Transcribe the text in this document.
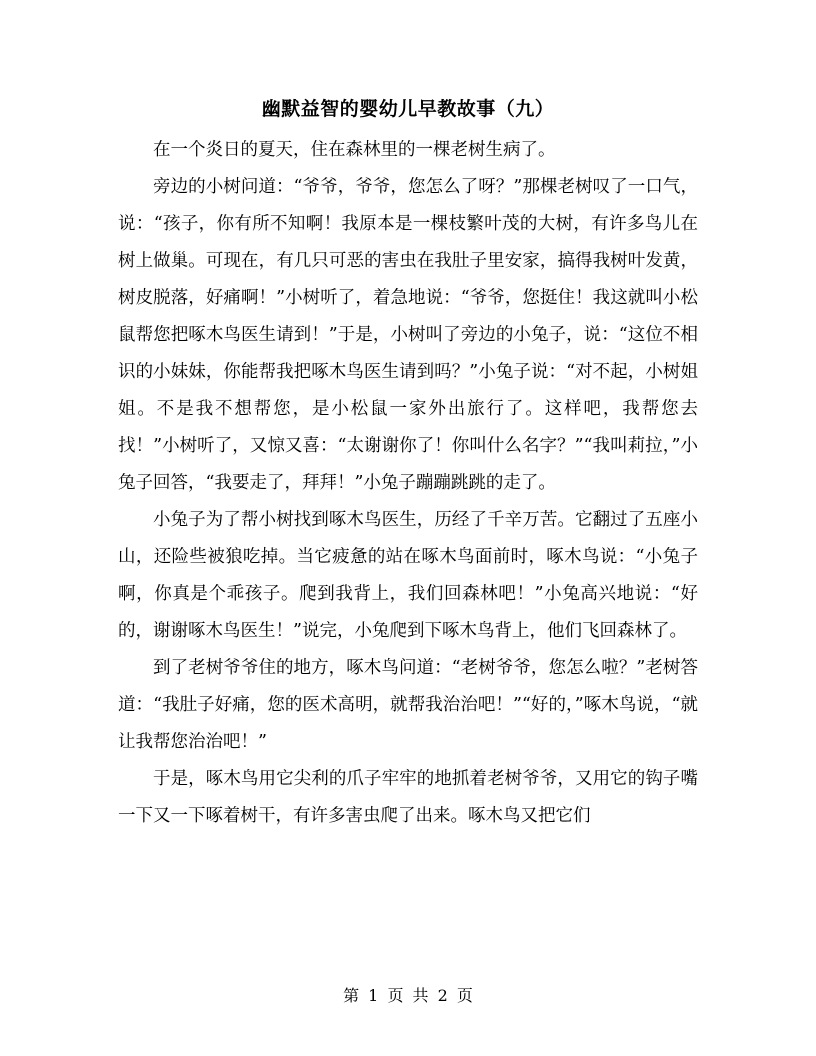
幽默益智的婴幼儿早教故事（九）

在一个炎日的夏天，住在森林里的一棵老树生病了。

旁边的小树问道：“爷爷，爷爷，您怎么了呀？”那棵老树叹了一口气，说：“孩子，你有所不知啊！我原本是一棵枝繁叶茂的大树，有许多鸟儿在树上做巢。可现在，有几只可恶的害虫在我肚子里安家，搞得我树叶发黄，树皮脱落，好痛啊！”小树听了，着急地说：“爷爷，您挺住！我这就叫小松鼠帮您把啄木鸟医生请到！”于是，小树叫了旁边的小兔子，说：“这位不相识的小妹妹，你能帮我把啄木鸟医生请到吗？”小兔子说：“对不起，小树姐姐。不是我不想帮您，是小松鼠一家外出旅行了。这样吧，我帮您去找！”小树听了，又惊又喜：“太谢谢你了！你叫什么名字？”“我叫莉拉，”小兔子回答，“我要走了，拜拜！”小兔子蹦蹦跳跳的走了。

小兔子为了帮小树找到啄木鸟医生，历经了千辛万苦。它翻过了五座小山，还险些被狼吃掉。当它疲惫的站在啄木鸟面前时，啄木鸟说：“小兔子啊，你真是个乖孩子。爬到我背上，我们回森林吧！”小兔高兴地说：“好的，谢谢啄木鸟医生！”说完，小兔爬到下啄木鸟背上，他们飞回森林了。

到了老树爷爷住的地方，啄木鸟问道：“老树爷爷，您怎么啦？”老树答道：“我肚子好痛，您的医术高明，就帮我治治吧！”“好的，”啄木鸟说，“就让我帮您治治吧！”

于是，啄木鸟用它尖利的爪子牢牢的地抓着老树爷爷，又用它的钩子嘴一下又一下啄着树干，有许多害虫爬了出来。啄木鸟又把它们

第 1 页 共 2 页
